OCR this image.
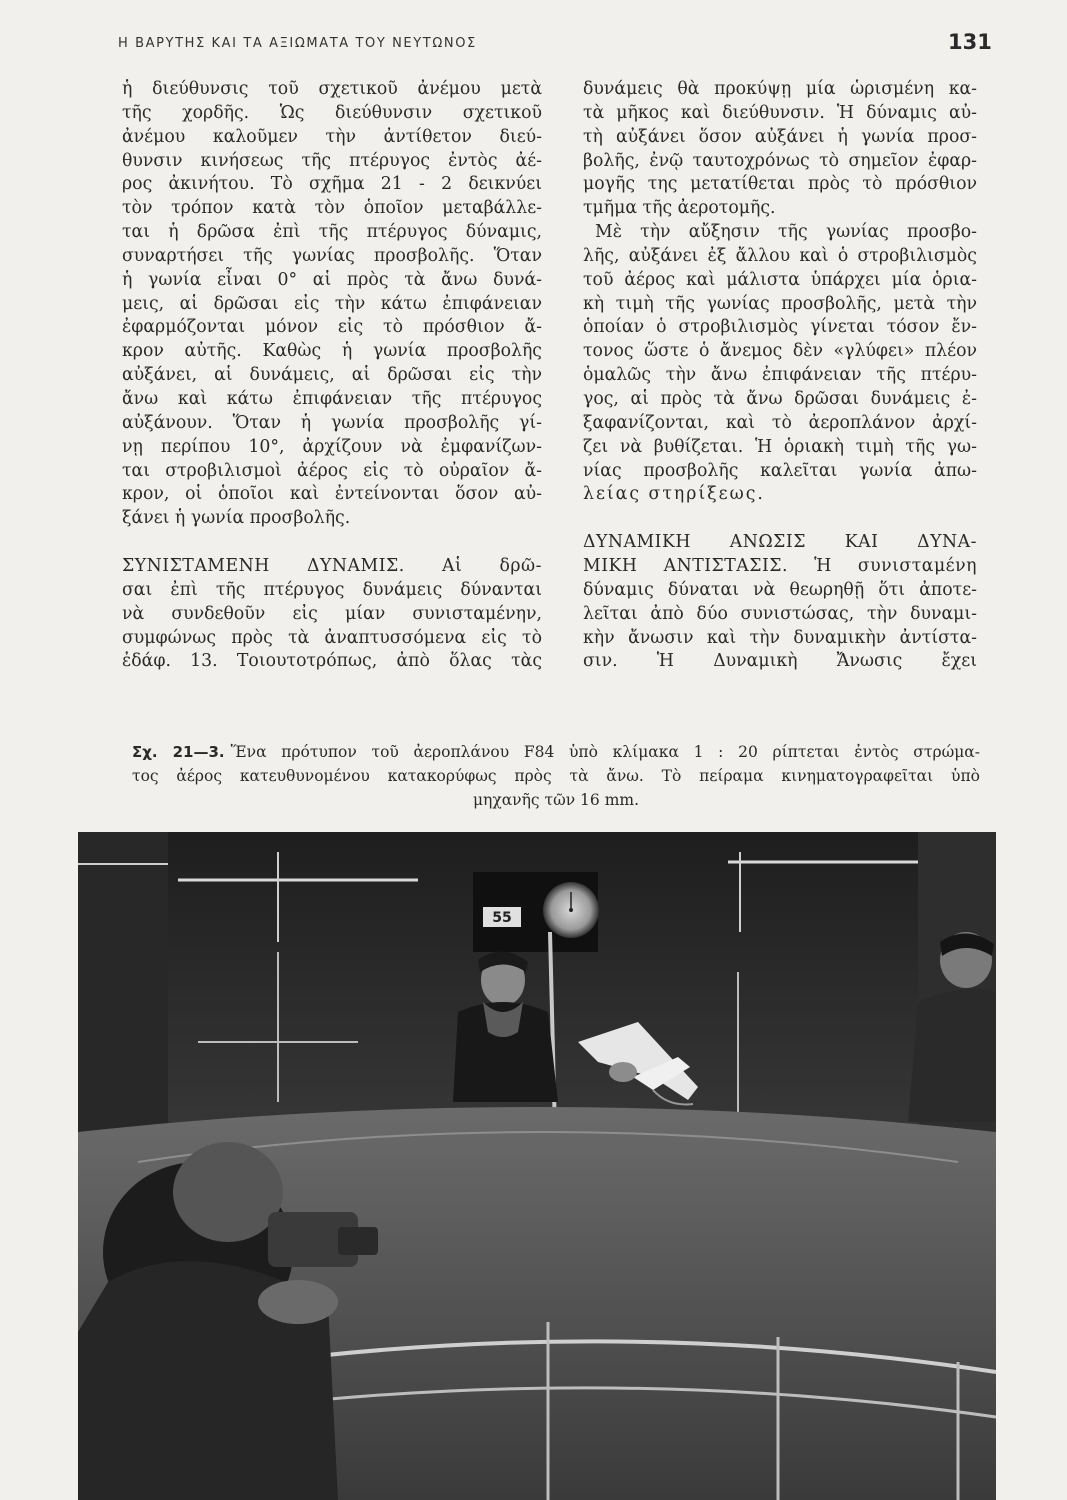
Η ΒΑΡΥΤΗΣ ΚΑΙ ΤΑ ΑΞΙΩΜΑΤΑ ΤΟΥ ΝΕΥΤΩΝΟΣ	131
ἡ διεύθυνσις τοῦ σχετικοῦ ἀνέμου μετὰ
τῆς χορδῆς. Ὡς διεύθυνσιν σχετικοῦ
ἀνέμου καλοῦμεν τὴν ἀντίθετον διεύ-
θυνσιν κινήσεως τῆς πτέρυγος ἐντὸς ἀέ-
ρος ἀκινήτου. Τὸ σχῆμα 21 - 2 δεικνύει
τὸν τρόπον κατὰ τὸν ὁποῖον μεταβάλλε-
ται ἡ δρῶσα ἐπὶ τῆς πτέρυγος δύναμις,
συναρτήσει τῆς γωνίας προσβολῆς. Ὅταν
ἡ γωνία εἶναι 0° αἱ πρὸς τὰ ἄνω δυνά-
μεις, αἱ δρῶσαι εἰς τὴν κάτω ἐπιφάνειαν
ἐφαρμόζονται μόνον εἰς τὸ πρόσθιον ἄ-
κρον αὐτῆς. Καθὼς ἡ γωνία προσβολῆς
αὐξάνει, αἱ δυνάμεις, αἱ δρῶσαι εἰς τὴν
ἄνω καὶ κάτω ἐπιφάνειαν τῆς πτέρυγος
αὐξάνουν. Ὅταν ἡ γωνία προσβολῆς γί-
νῃ περίπου 10°, ἀρχίζουν νὰ ἐμφανίζων-
ται στροβιλισμοὶ ἀέρος εἰς τὸ οὐραῖον ἄ-
κρον, οἱ ὁποῖοι καὶ ἐντείνονται ὅσον αὐ-
ξάνει ἡ γωνία προσβολῆς.
ΣΥΝΙΣΤΑΜΕΝΗ ΔΥΝΑΜΙΣ. Αἱ δρῶ-
σαι ἐπὶ τῆς πτέρυγος δυνάμεις δύνανται
νὰ συνδεθοῦν εἰς μίαν συνισταμένην,
συμφώνως πρὸς τὰ ἀναπτυσσόμενα εἰς τὸ
ἐδάφ. 13. Τοιουτοτρόπως, ἀπὸ ὅλας τὰς
δυνάμεις θὰ προκύψῃ μία ὡρισμένη κα-
τὰ μῆκος καὶ διεύθυνσιν. Ἡ δύναμις αὐ-
τὴ αὐξάνει ὅσον αὐξάνει ἡ γωνία προσ-
βολῆς, ἐνῷ ταυτοχρόνως τὸ σημεῖον ἐφαρ-
μογῆς της μετατίθεται πρὸς τὸ πρόσθιον
τμῆμα τῆς ἀεροτομῆς.
Μὲ τὴν αὔξησιν τῆς γωνίας προσβο-
λῆς, αὐξάνει ἐξ ἄλλου καὶ ὁ στροβιλισμὸς
τοῦ ἀέρος καὶ μάλιστα ὑπάρχει μία ὁρια-
κὴ τιμὴ τῆς γωνίας προσβολῆς, μετὰ τὴν
ὁποίαν ὁ στροβιλισμὸς γίνεται τόσον ἔν-
τονος ὥστε ὁ ἄνεμος δὲν «γλύφει» πλέον
ὁμαλῶς τὴν ἄνω ἐπιφάνειαν τῆς πτέρυ-
γος, αἱ πρὸς τὰ ἄνω δρῶσαι δυνάμεις ἐ-
ξαφανίζονται, καὶ τὸ ἀεροπλάνον ἀρχί-
ζει νὰ βυθίζεται. Ἡ ὁριακὴ τιμὴ τῆς γω-
νίας προσβολῆς καλεῖται γωνία ἀπω-
λείας στηρίξεως.
ΔΥΝΑΜΙΚΗ ΑΝΩΣΙΣ ΚΑΙ ΔΥΝΑ-
ΜΙΚΗ ΑΝΤΙΣΤΑΣΙΣ. Ἡ συνισταμένη
δύναμις δύναται νὰ θεωρηθῇ ὅτι ἀποτε-
λεῖται ἀπὸ δύο συνιστώσας, τὴν δυναμι-
κὴν ἄνωσιν καὶ τὴν δυναμικὴν ἀντίστα-
σιν. Ἡ Δυναμικὴ Ἄνωσις ἔχει
Σχ. 21—3. Ἕνα πρότυπον τοῦ ἀεροπλάνου F84 ὑπὸ κλίμακα 1 : 20 ρίπτεται ἐντὸς στρώμα-
τος ἀέρος κατευθυνομένου κατακορύφως πρὸς τὰ ἄνω. Τὸ πείραμα κινηματογραφεῖται ὑπὸ
μηχανῆς τῶν 16 mm.
55
